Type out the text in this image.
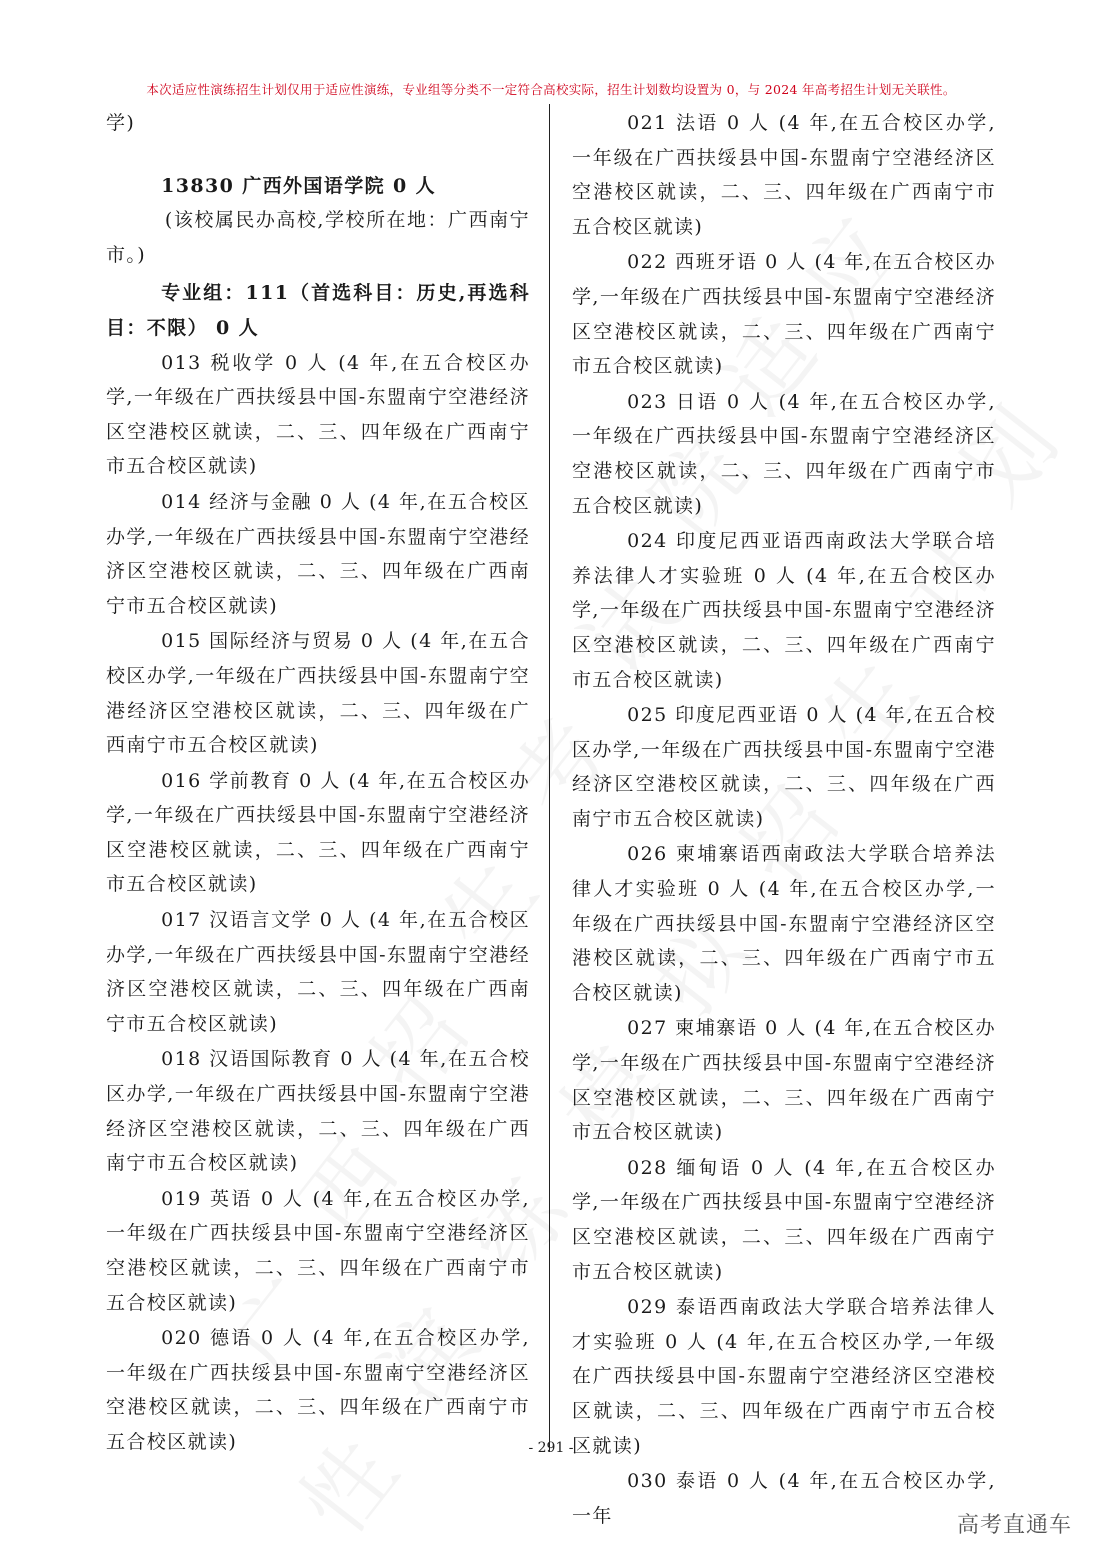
本次适应性演练招生计划仅用于适应性演练，专业组等分类不一定符合高校实际，招生计划数均设置为 0，与 2024 年高考招生计划无关联性。

学)

13830 广西外国语学院 0 人

(该校属民办高校,学校所在地：广西南宁市。)

专业组：111（首选科目：历史,再选科目：不限） 0 人

013 税收学 0 人 (4 年,在五合校区办学,一年级在广西扶绥县中国-东盟南宁空港经济区空港校区就读，二、三、四年级在广西南宁市五合校区就读)

014 经济与金融 0 人 (4 年,在五合校区办学,一年级在广西扶绥县中国-东盟南宁空港经济区空港校区就读，二、三、四年级在广西南宁市五合校区就读)

015 国际经济与贸易 0 人 (4 年,在五合校区办学,一年级在广西扶绥县中国-东盟南宁空港经济区空港校区就读，二、三、四年级在广西南宁市五合校区就读)

016 学前教育 0 人 (4 年,在五合校区办学,一年级在广西扶绥县中国-东盟南宁空港经济区空港校区就读，二、三、四年级在广西南宁市五合校区就读)

017 汉语言文学 0 人 (4 年,在五合校区办学,一年级在广西扶绥县中国-东盟南宁空港经济区空港校区就读，二、三、四年级在广西南宁市五合校区就读)

018 汉语国际教育 0 人 (4 年,在五合校区办学,一年级在广西扶绥县中国-东盟南宁空港经济区空港校区就读，二、三、四年级在广西南宁市五合校区就读)

019 英语 0 人 (4 年,在五合校区办学,一年级在广西扶绥县中国-东盟南宁空港经济区空港校区就读，二、三、四年级在广西南宁市五合校区就读)

020 德语 0 人 (4 年,在五合校区办学,一年级在广西扶绥县中国-东盟南宁空港经济区空港校区就读，二、三、四年级在广西南宁市五合校区就读)

021 法语 0 人 (4 年,在五合校区办学,一年级在广西扶绥县中国-东盟南宁空港经济区空港校区就读，二、三、四年级在广西南宁市五合校区就读)

022 西班牙语 0 人 (4 年,在五合校区办学,一年级在广西扶绥县中国-东盟南宁空港经济区空港校区就读，二、三、四年级在广西南宁市五合校区就读)

023 日语 0 人 (4 年,在五合校区办学,一年级在广西扶绥县中国-东盟南宁空港经济区空港校区就读，二、三、四年级在广西南宁市五合校区就读)

024 印度尼西亚语西南政法大学联合培养法律人才实验班 0 人 (4 年,在五合校区办学,一年级在广西扶绥县中国-东盟南宁空港经济区空港校区就读，二、三、四年级在广西南宁市五合校区就读)

025 印度尼西亚语 0 人 (4 年,在五合校区办学,一年级在广西扶绥县中国-东盟南宁空港经济区空港校区就读，二、三、四年级在广西南宁市五合校区就读)

026 柬埔寨语西南政法大学联合培养法律人才实验班 0 人 (4 年,在五合校区办学,一年级在广西扶绥县中国-东盟南宁空港经济区空港校区就读，二、三、四年级在广西南宁市五合校区就读)

027 柬埔寨语 0 人 (4 年,在五合校区办学,一年级在广西扶绥县中国-东盟南宁空港经济区空港校区就读，二、三、四年级在广西南宁市五合校区就读)

028 缅甸语 0 人 (4 年,在五合校区办学,一年级在广西扶绥县中国-东盟南宁空港经济区空港校区就读，二、三、四年级在广西南宁市五合校区就读)

029 泰语西南政法大学联合培养法律人才实验班 0 人 (4 年,在五合校区办学,一年级在广西扶绥县中国-东盟南宁空港经济区空港校区就读，二、三、四年级在广西南宁市五合校区就读)

030 泰语 0 人 (4 年,在五合校区办学,一年

- 291 -
高考直通车
